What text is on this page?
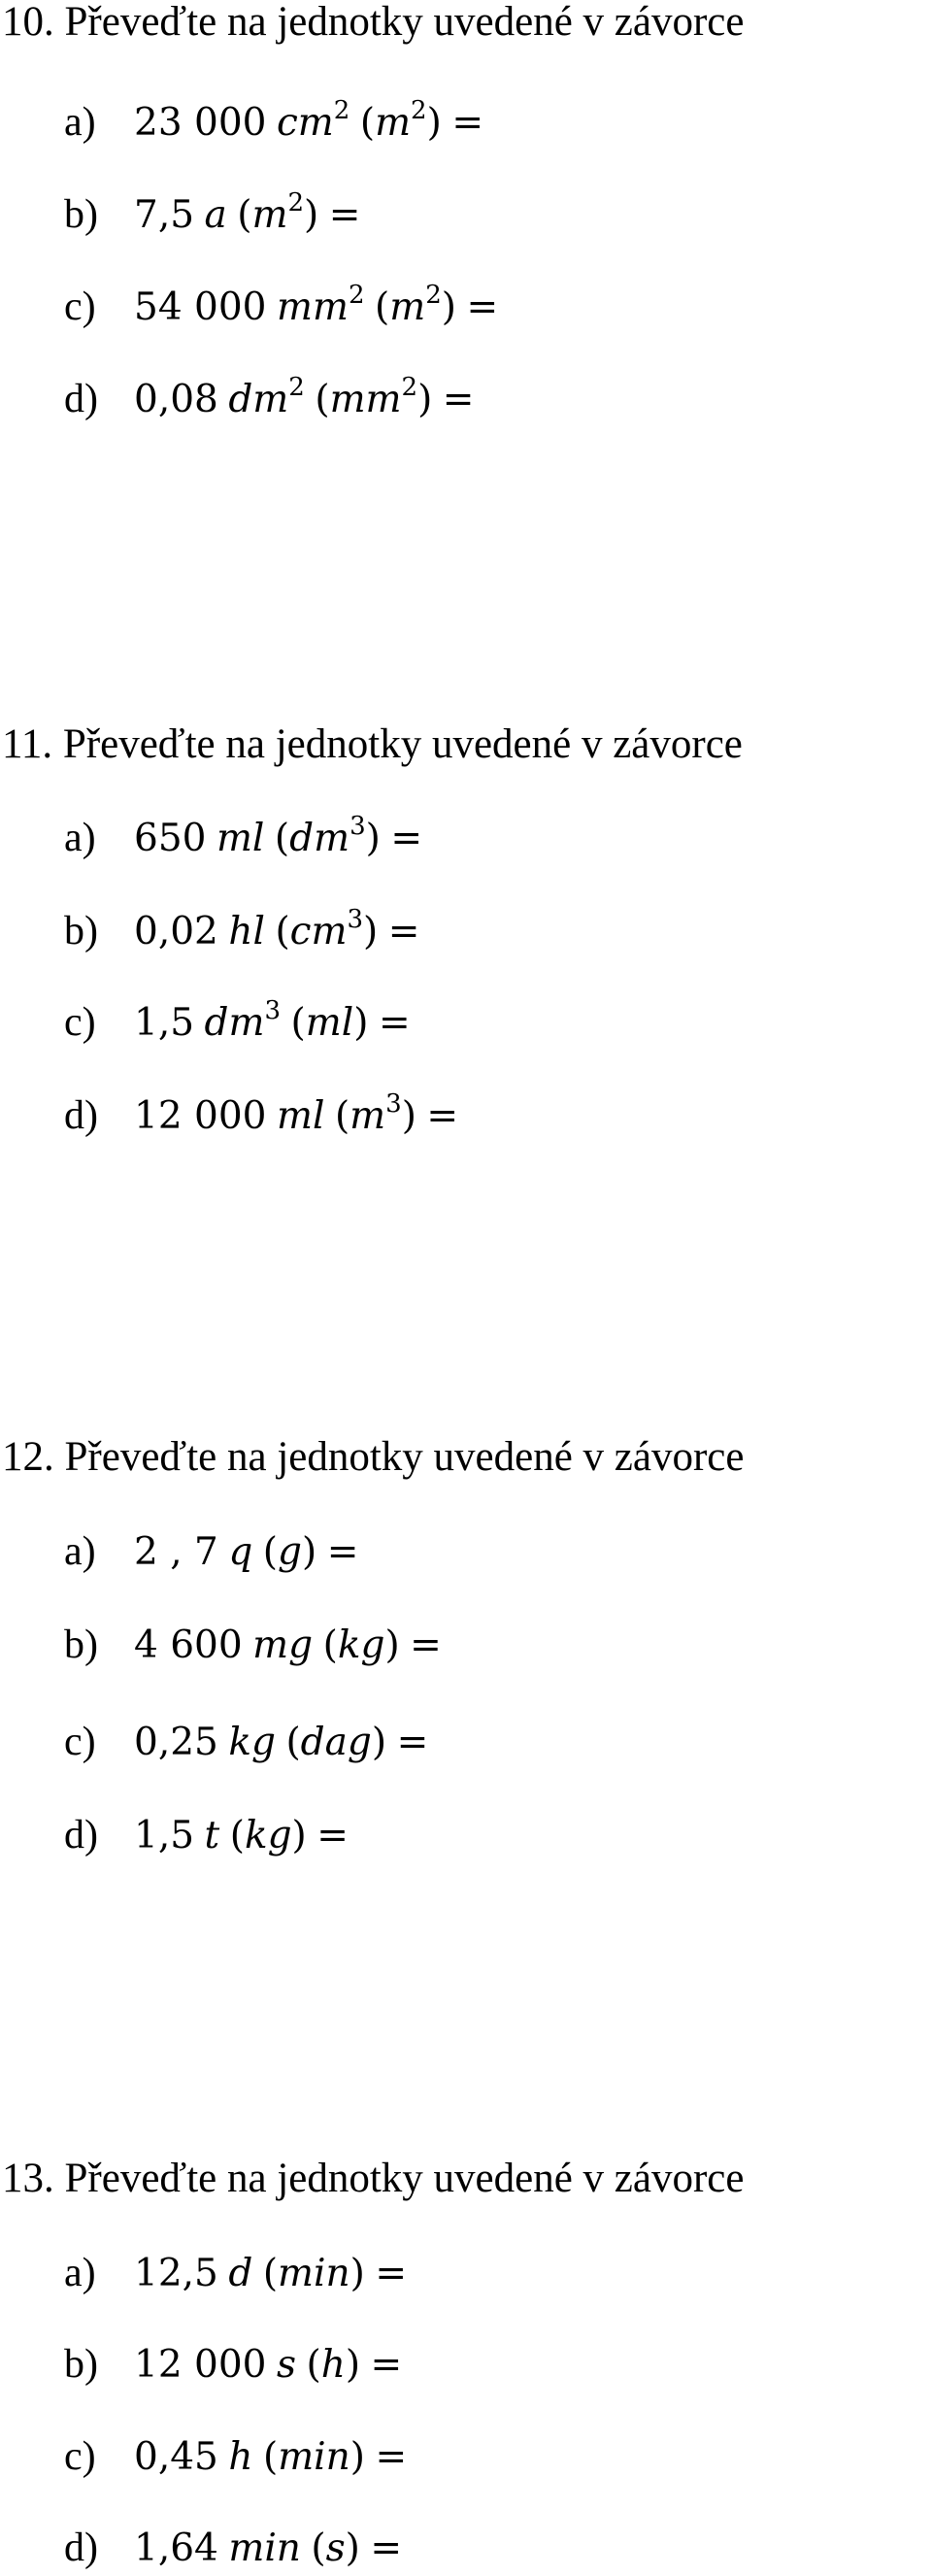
10. Převeďte na jednotky uvedené v závorce
a) 23 000 $cm^2$ $(m^2)$ =
b) 7,5 a $(m^2)$ =
c) 54 000 $mm^2$ $(m^2)$ =
d) 0,08 $dm^2$ $(mm^2)$ =
11. Převeďte na jednotky uvedené v závorce
a) 650 ml $(dm^3)$ =
b) 0,02 hl $(cm^3)$ =
c) 1,5 $dm^3$ (ml) =
d) 12 000 ml $(m^3)$ =
12. Převeďte na jednotky uvedené v závorce
a) 2 , 7 q (g) =
b) 4 600 mg (kg) =
c) 0,25 kg (dag) =
d) 1,5 t (kg) =
13. Převeďte na jednotky uvedené v závorce
a) 12,5 d (min) =
b) 12 000 s (h) =
c) 0,45 h (min) =
d) 1,64 min (s) =
